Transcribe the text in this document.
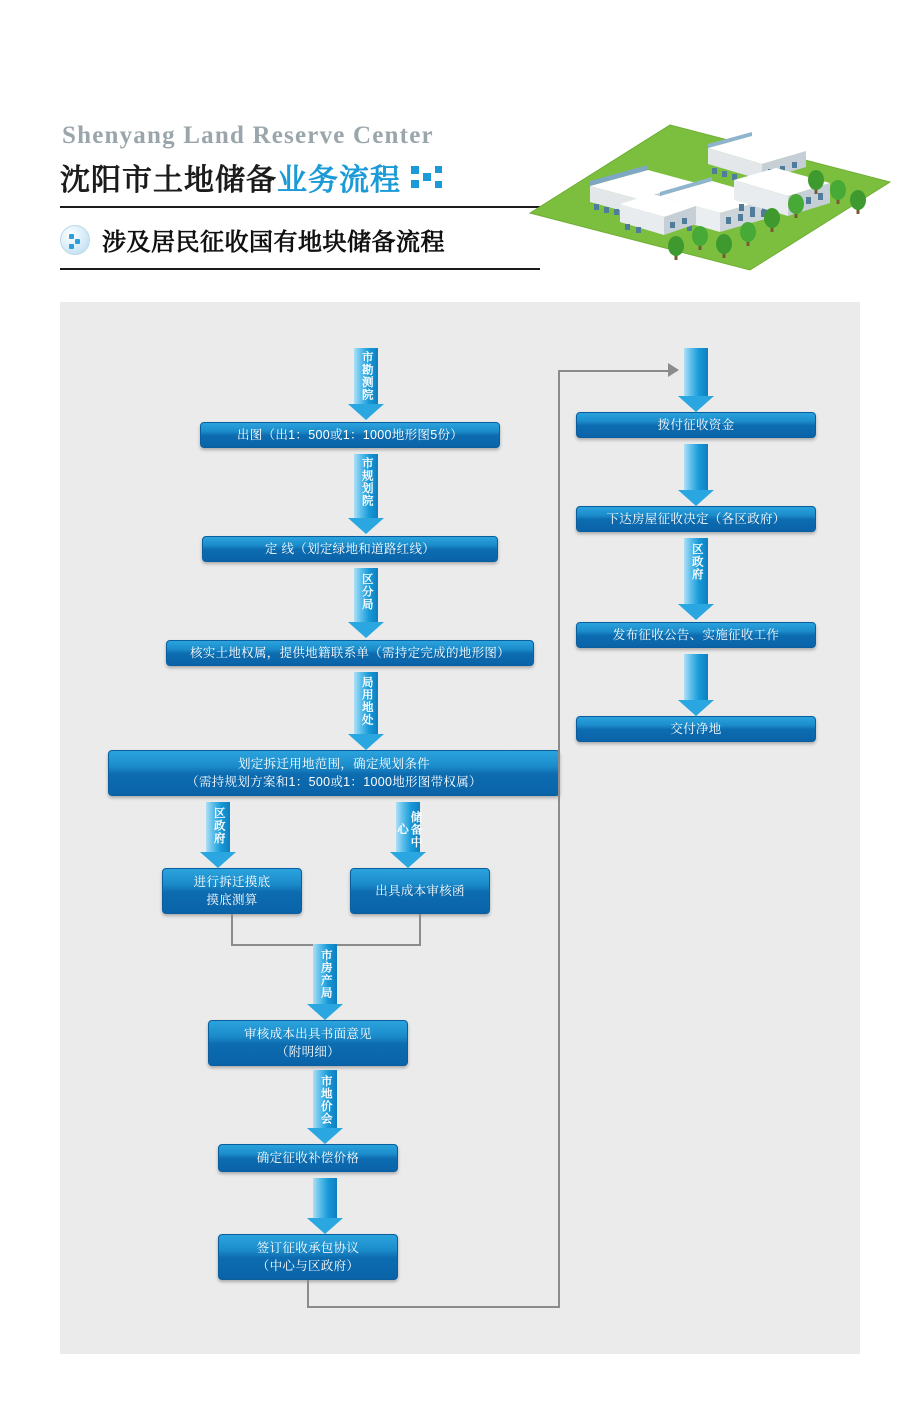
Shenyang Land Reserve Center
沈阳市土地储备 业务流程
涉及居民征收国有地块储备流程
市勘测院
出图（出1：500或1：1000地形图5份）
市规划院
定 线（划定绿地和道路红线）
区分局
核实土地权属，提供地籍联系单（需持定完成的地形图）
局用地处
划定拆迁用地范围，确定规划条件
（需持规划方案和1：500或1：1000地形图带权属）
区政府	储备中心
进行拆迁摸底
摸底测算
出具成本审核函
市房产局
审核成本出具书面意见
（附明细）
市地价会
确定征收补偿价格
签订征收承包协议
（中心与区政府）
拨付征收资金
下达房屋征收决定（各区政府）
区政府
发布征收公告、实施征收工作
交付净地
